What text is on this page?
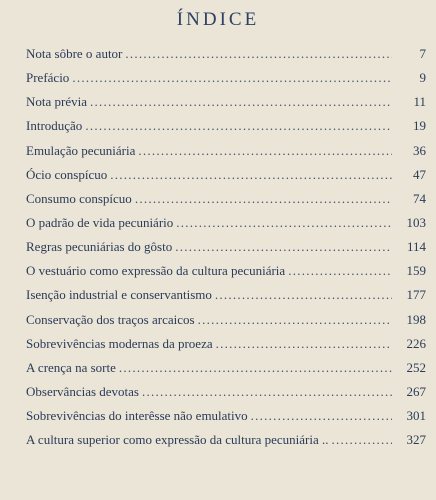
ÍNDICE
Nota sôbre o autor . . .	7
Prefácio . . .	9
Nota prévia . . .	11
Introdução . . .	19
Emulação pecuniária . . .	36
Ócio conspícuo . . .	47
Consumo conspícuo . . .	74
O padrão de vida pecuniário . . .	103
Regras pecuniárias do gôsto . . .	114
O vestuário como expressão da cultura pecuniária . . .	159
Isenção industrial e conservantismo . . .	177
Conservação dos traços arcaicos . . .	198
Sobrevivências modernas da proeza . . .	226
A crença na sorte . . .	252
Observâncias devotas . . .	267
Sobrevivências do interêsse não emulativo . . .	301
A cultura superior como expressão da cultura pecuniária .. . . .	327
